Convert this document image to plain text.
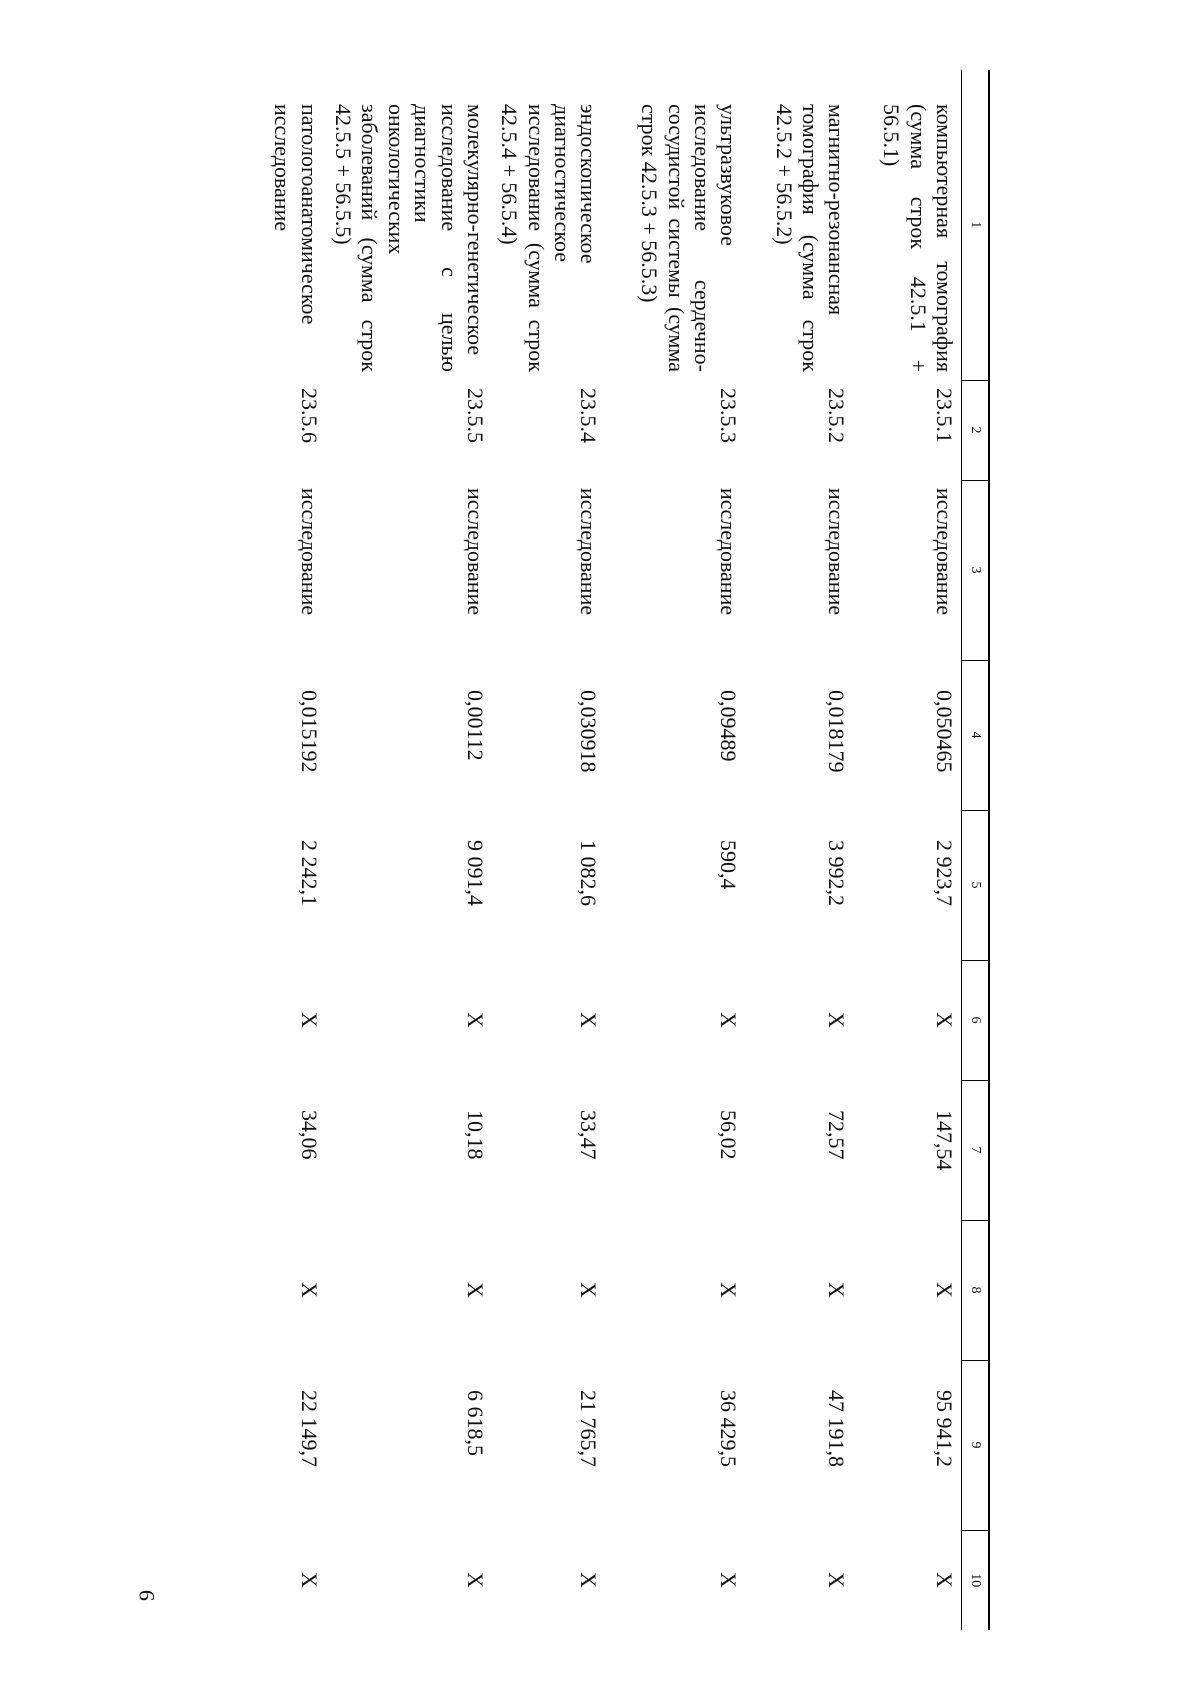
9
1	2	3	4	5	6	7	8	9	10
компьютерная томография (сумма строк 42.5.1 + 56.5.1)	23.5.1	исследование	0,050465	2 923,7	X	147,54	X	95 941,2	X
магнитно-резонансная томография (сумма строк 42.5.2 + 56.5.2)	23.5.2	исследование	0,018179	3 992,2	X	72,57	X	47 191,8	X
ультразвуковое исследование сердечно-сосудистой системы (сумма строк 42.5.3 + 56.5.3)	23.5.3	исследование	0,09489	590,4	X	56,02	X	36 429,5	X
эндоскопическое диагностическое исследование (сумма строк 42.5.4 + 56.5.4)	23.5.4	исследование	0,030918	1 082,6	X	33,47	X	21 765,7	X
молекулярно-генетическое исследование с целью диагностики онкологических заболеваний (сумма строк 42.5.5 + 56.5.5)	23.5.5	исследование	0,00112	9 091,4	X	10,18	X	6 618,5	X
патологоанатомическое исследование	23.5.6	исследование	0,015192	2 242,1	X	34,06	X	22 149,7	X
